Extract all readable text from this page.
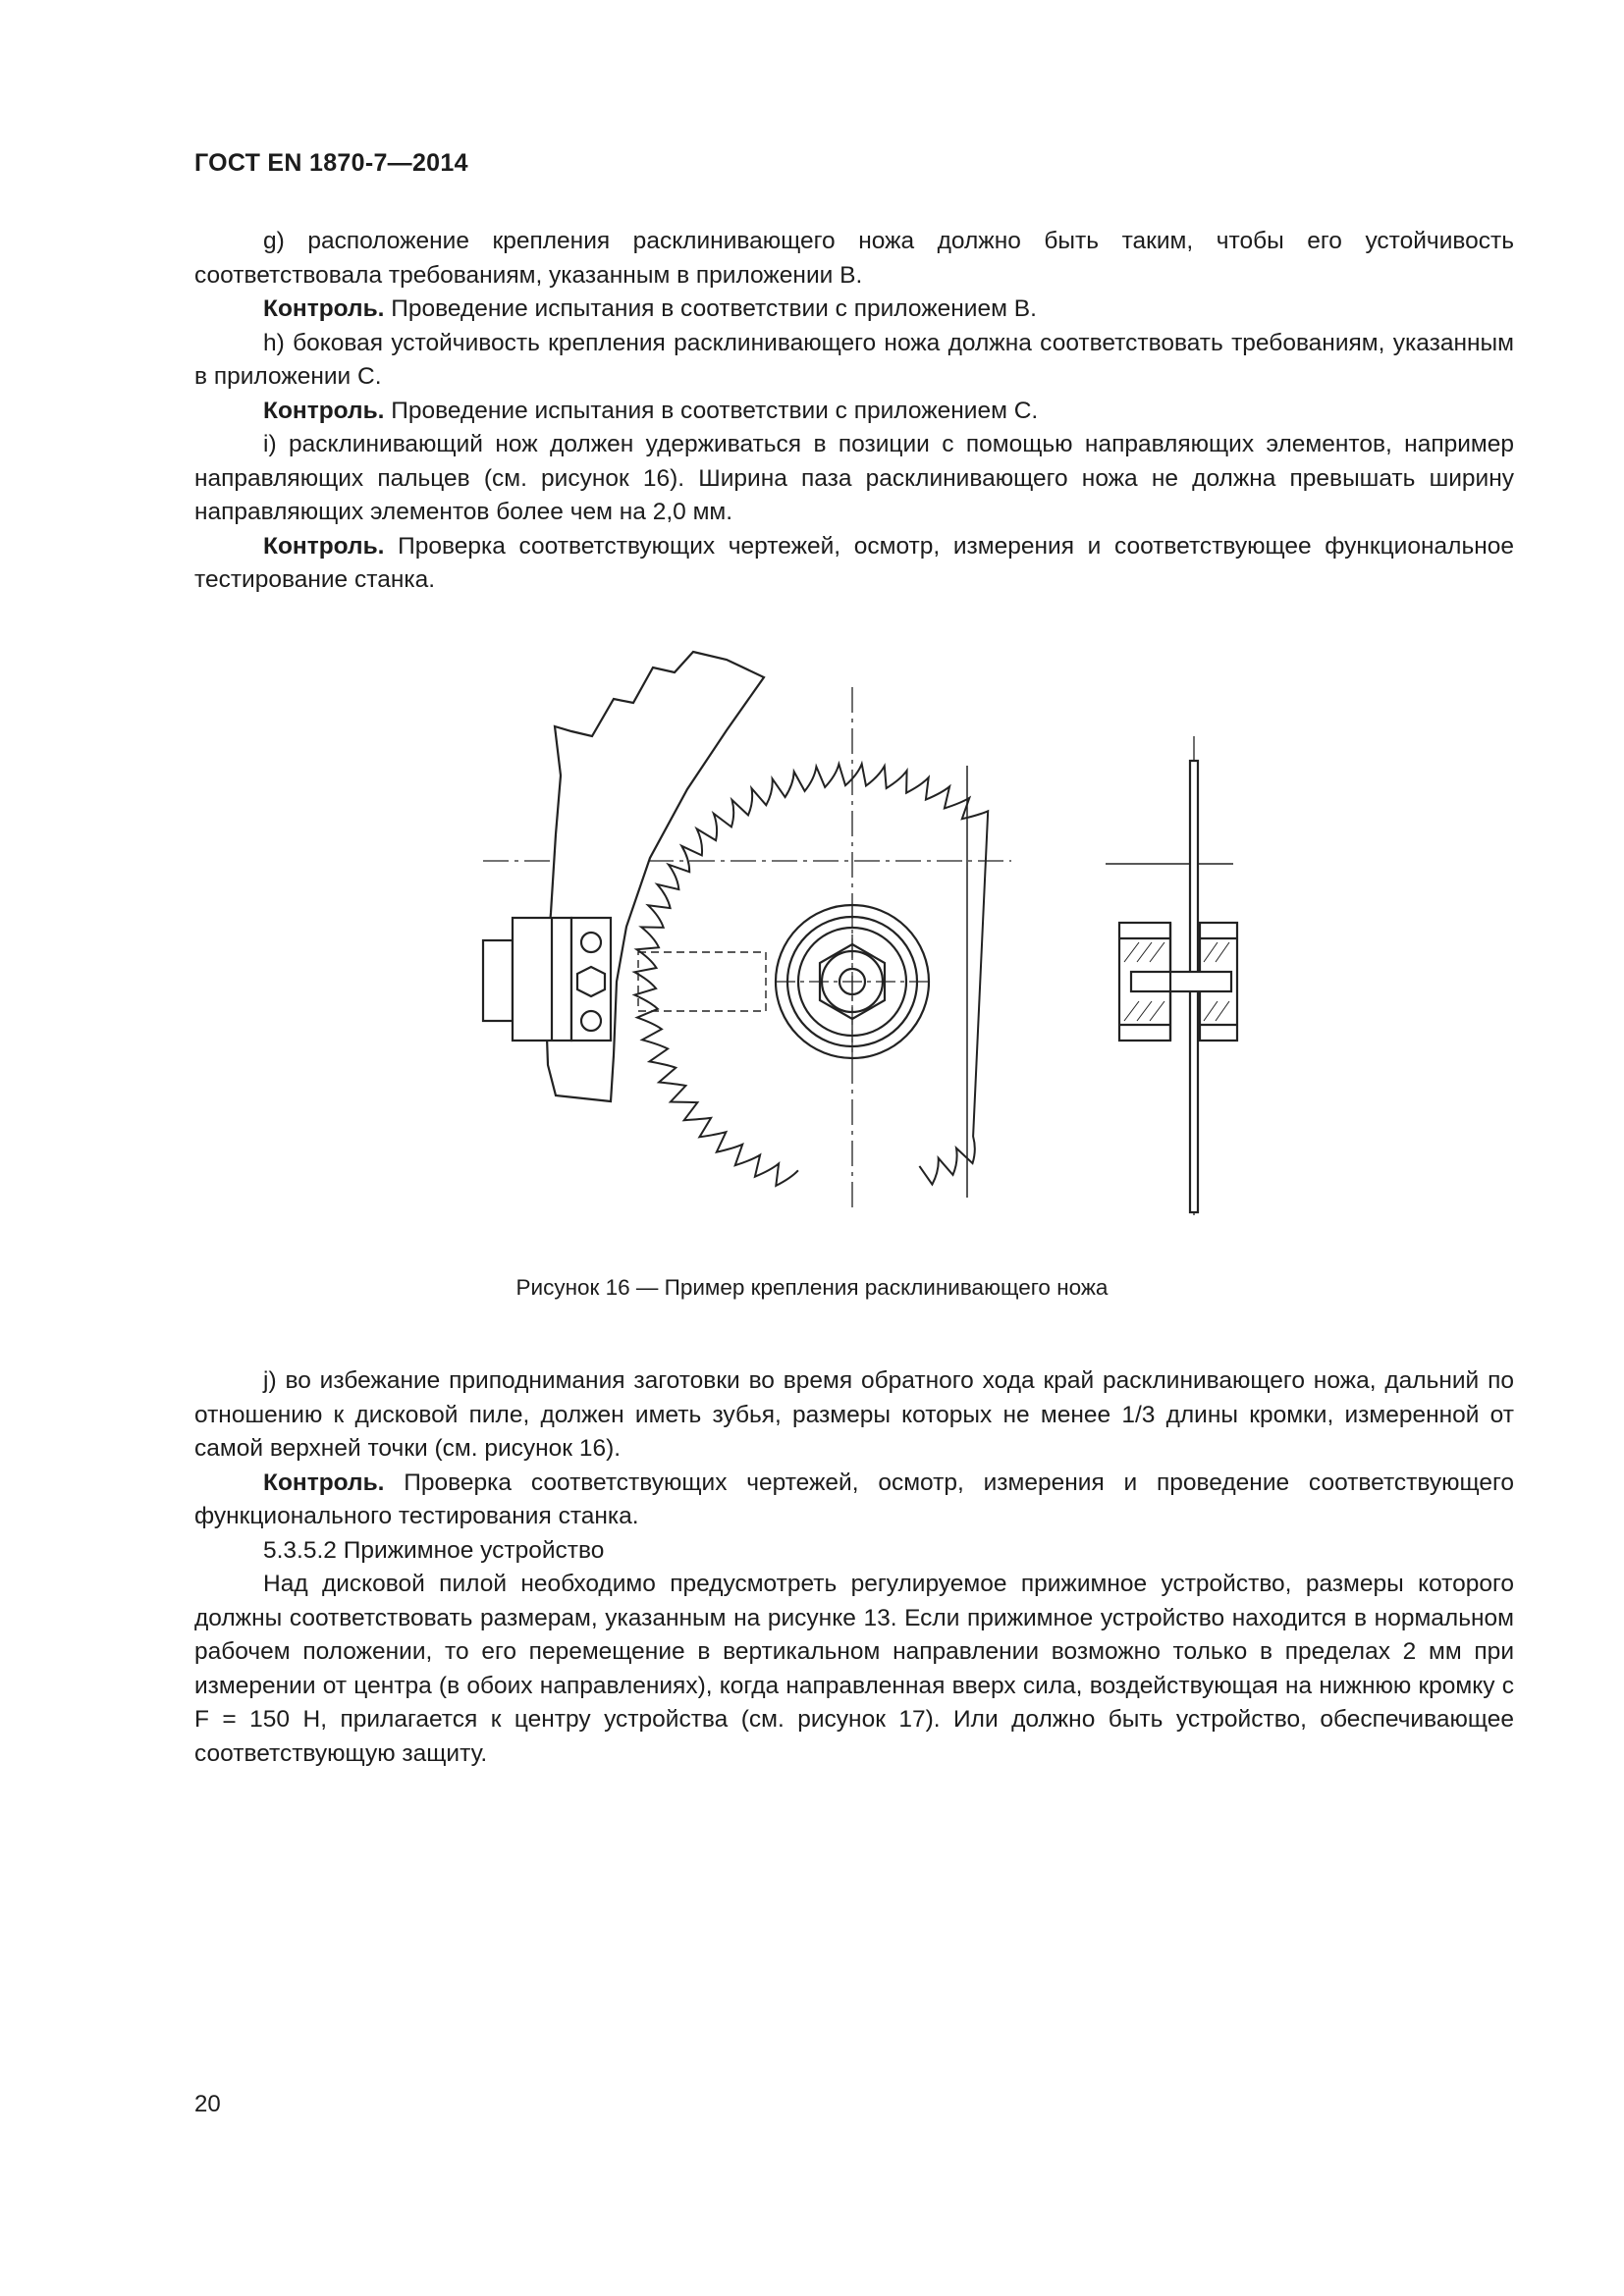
ГОСТ EN 1870-7—2014

g) расположение крепления расклинивающего ножа должно быть таким, чтобы его устойчивость соответствовала требованиям, указанным в приложении В.

Контроль. Проведение испытания в соответствии с приложением В.

h) боковая устойчивость крепления расклинивающего ножа должна соответствовать требованиям, указанным в приложении С.

Контроль. Проведение испытания в соответствии с приложением С.

i) расклинивающий нож должен удерживаться в позиции с помощью направляющих элементов, например направляющих пальцев (см. рисунок 16). Ширина паза расклинивающего ножа не должна превышать ширину направляющих элементов более чем на 2,0 мм.

Контроль. Проверка соответствующих чертежей, осмотр, измерения и соответствующее функциональное тестирование станка.

Рисунок 16 — Пример крепления расклинивающего ножа

j) во избежание приподнимания заготовки во время обратного хода край расклинивающего ножа, дальний по отношению к дисковой пиле, должен иметь зубья, размеры которых не менее 1/3 длины кромки, измеренной от самой верхней точки (см. рисунок 16).

Контроль. Проверка соответствующих чертежей, осмотр, измерения и проведение соответствующего функционального тестирования станка.

5.3.5.2 Прижимное устройство

Над дисковой пилой необходимо предусмотреть регулируемое прижимное устройство, размеры которого должны соответствовать размерам, указанным на рисунке 13. Если прижимное устройство находится в нормальном рабочем положении, то его перемещение в вертикальном направлении возможно только в пределах 2 мм при измерении от центра (в обоих направлениях), когда направленная вверх сила, воздействующая на нижнюю кромку с F = 150 Н, прилагается к центру устройства (см. рисунок 17). Или должно быть устройство, обеспечивающее соответствующую защиту.

20
